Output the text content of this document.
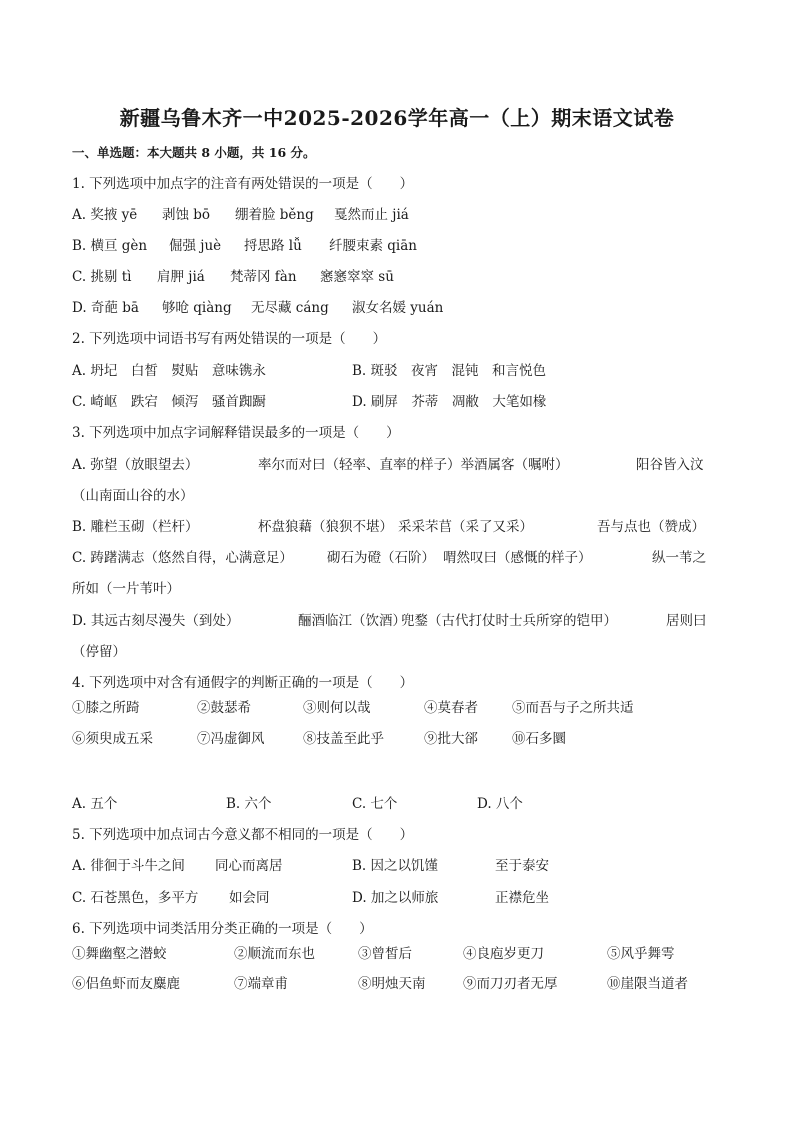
新疆乌鲁木齐一中2025-2026学年高一（上）期末语文试卷
一、单选题：本大题共 8 小题，共 16 分。
1. 下列选项中加点字的注音有两处错误的一项是（　　）
A. 奖掖 yē 剥蚀 bō 绷着脸 běng 戛然而止 jiá
B. 横亘 gèn 倔强 juè 捋思路 lǚ 纤腰束素 qiān
C. 挑剔 tì 肩胛 jiá 梵蒂冈 fàn 窸窸窣窣 sū
D. 奇葩 bā 够呛 qiàng 无尽藏 cáng 淑女名媛 yuán
2. 下列选项中词语书写有两处错误的一项是（　　）
A. 坍圮　白皙　熨贴　意味镌永	B. 斑驳　夜宵　混钝　和言悦色
C. 崎岖　跌宕　倾泻　骚首踟蹰	D. 刷屏　芥蒂　凋敝　大笔如椽
3. 下列选项中加点字词解释错误最多的一项是（　　）
A. 弥望（放眼望去）	率尔而对曰（轻率、直率的样子）举酒属客（嘱咐）	阳谷皆入汶
（山南面山谷的水）
B. 雕栏玉砌（栏杆）	杯盘狼藉（狼狈不堪） 采采芣苢（采了又采）	吾与点也（赞成）
C. 踌躇满志（悠然自得，心满意足）	砌石为磴（石阶） 喟然叹曰（感慨的样子）	纵一苇之
所如（一片苇叶）
D. 其远古刻尽漫失（到处）	酾酒临江（饮酒）
兜鍪（古代打仗时士兵所穿的铠甲）	居则曰
（停留）
4. 下列选项中对含有通假字的判断正确的一项是（　　）
①膝之所踦	②鼓瑟希	③则何以哉	④莫春者	⑤而吾与子之所共适
⑥须臾成五采	⑦冯虚御风	⑧技盖至此乎	⑨批大郤	⑩石多圜
A. 五个	B. 六个	C. 七个	D. 八个
5. 下列选项中加点词古今意义都不相同的一项是（　　）
A. 徘徊于斗牛之间 同心而离居	B. 因之以饥馑	至于泰安
C. 石苍黑色，多平方 如会同	D. 加之以师旅	正襟危坐
6. 下列选项中词类活用分类正确的一项是（　　）
①舞幽壑之潜蛟	②顺流而东也	③曾皙后	④良庖岁更刀	⑤风乎舞雩
⑥侣鱼虾而友麋鹿	⑦端章甫	⑧明烛天南	⑨而刀刃者无厚	⑩崖限当道者
